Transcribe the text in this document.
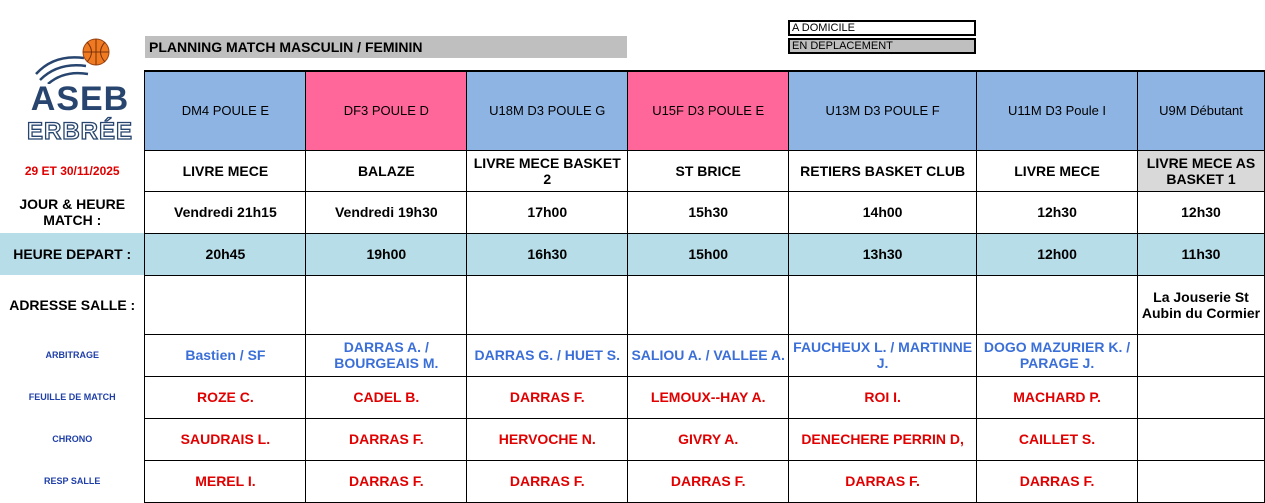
ASEB
ERBRÉE
PLANNING MATCH MASCULIN / FEMININ
A DOMICILE
EN DEPLACEMENT
	DM4 POULE E	DF3 POULE D	U18M D3 POULE G	U15F D3 POULE E	U13M D3 POULE F	U11M D3 Poule I	U9M Débutant
29 ET 30/11/2025	LIVRE MECE	BALAZE	LIVRE MECE BASKET 2	ST BRICE	RETIERS BASKET CLUB	LIVRE MECE	LIVRE MECE AS BASKET 1
JOUR & HEURE MATCH :	Vendredi 21h15	Vendredi 19h30	17h00	15h30	14h00	12h30	12h30
HEURE DEPART :	20h45	19h00	16h30	15h00	13h30	12h00	11h30
ADRESSE SALLE :							La Jouserie St Aubin du Cormier
ARBITRAGE	Bastien / SF	DARRAS A. / BOURGEAIS M.	DARRAS G. / HUET S.	SALIOU A. / VALLEE A.	FAUCHEUX L. / MARTINNE J.	DOGO MAZURIER K. / PARAGE J.	
FEUILLE DE MATCH	ROZE C.	CADEL B.	DARRAS F.	LEMOUX--HAY A.	ROI I.	MACHARD P.	
CHRONO	SAUDRAIS L.	DARRAS F.	HERVOCHE N.	GIVRY A.	DENECHERE PERRIN D,	CAILLET S.	
RESP SALLE	MEREL I.	DARRAS F.	DARRAS F.	DARRAS F.	DARRAS F.	DARRAS F.	
